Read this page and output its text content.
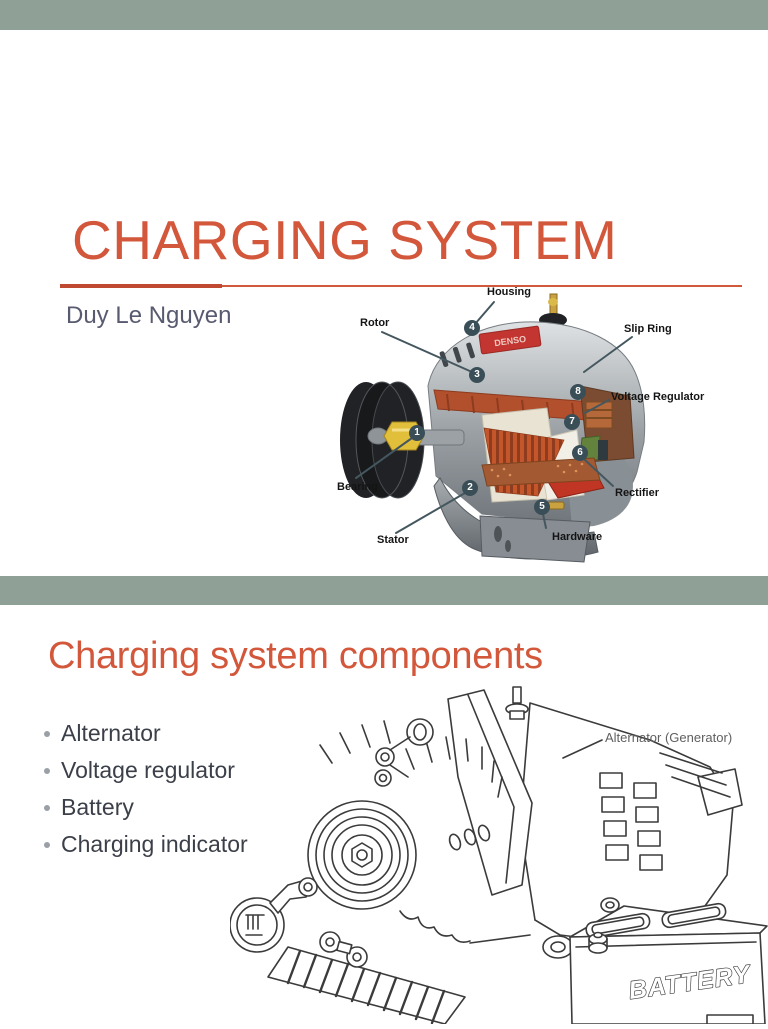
CHARGING SYSTEM
Duy Le Nguyen
DENSO
Housing
Rotor	Slip Ring
Voltage Regulator
Rectifier
Hardware
Stator
Bearing
1
2
3
4
5
6
7
8
Charging system components
Alternator
Voltage regulator
Battery
Charging indicator
BATTERY
Alternator (Generator)
